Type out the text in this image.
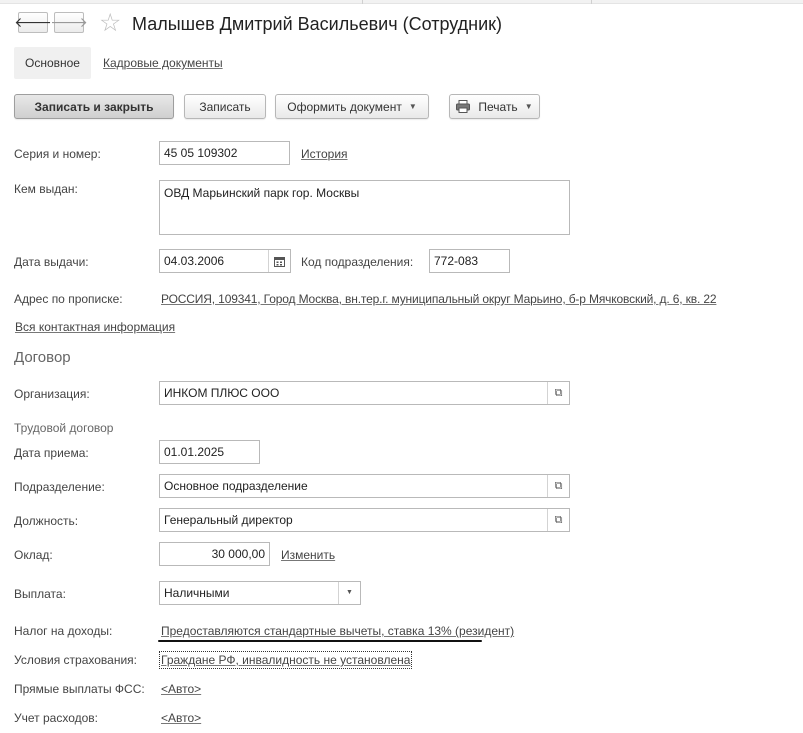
🡐
🡒 ☆ Малышев Дмитрий Васильевич (Сотрудник)
Основное Кадровые документы
Записать и закрыть	Записать	Оформить документ ▼	Печать ▼
Серия и номер:	45 05 109302	История
Кем выдан:	ОВД Марьинский парк гор. Москвы
Дата выдачи:	04.03.2006	Код подразделения:	772-083
Адрес по прописке:	РОССИЯ, 109341, Город Москва, вн.тер.г. муниципальный округ Марьино, б-р Мячковский, д. 6, кв. 22
Вся контактная информация
Договор
Организация:	ИНКОМ ПЛЮС ООО	⧉
Трудовой договор
Дата приема:	01.01.2025
Подразделение:	Основное подразделение	⧉
Должность:	Генеральный директор	⧉
Оклад:	30 000,00	Изменить
Выплата:	Наличными	▼
Налог на доходы:	Предоставляются стандартные вычеты, ставка 13% (резидент)
Условия страхования: Граждане РФ, инвалидность не установлена
Прямые выплаты ФСС: <Авто>
Учет расходов:	<Авто>
